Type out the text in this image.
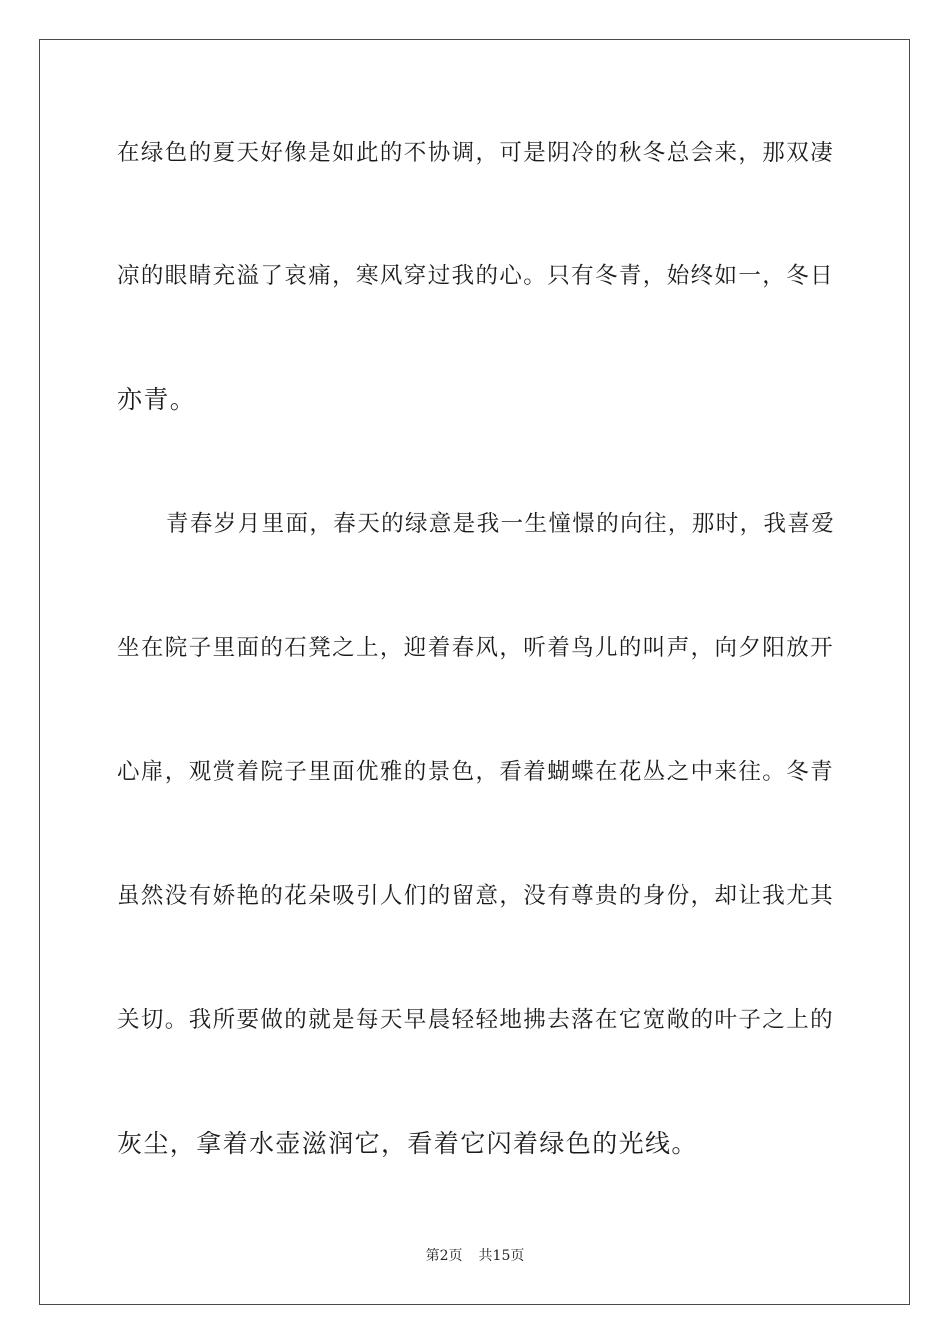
在绿色的夏天好像是如此的不协调，可是阴冷的秋冬总会来，那双凄
凉的眼睛充溢了哀痛，寒风穿过我的心。只有冬青，始终如一，冬日
亦青。
青春岁月里面，春天的绿意是我一生憧憬的向往，那时，我喜爱
坐在院子里面的石凳之上，迎着春风，听着鸟儿的叫声，向夕阳放开
心扉，观赏着院子里面优雅的景色，看着蝴蝶在花丛之中来往。冬青
虽然没有娇艳的花朵吸引人们的留意，没有尊贵的身份，却让我尤其
关切。我所要做的就是每天早晨轻轻地拂去落在它宽敞的叶子之上的
灰尘，拿着水壶滋润它，看着它闪着绿色的光线。
第2页 共15页
